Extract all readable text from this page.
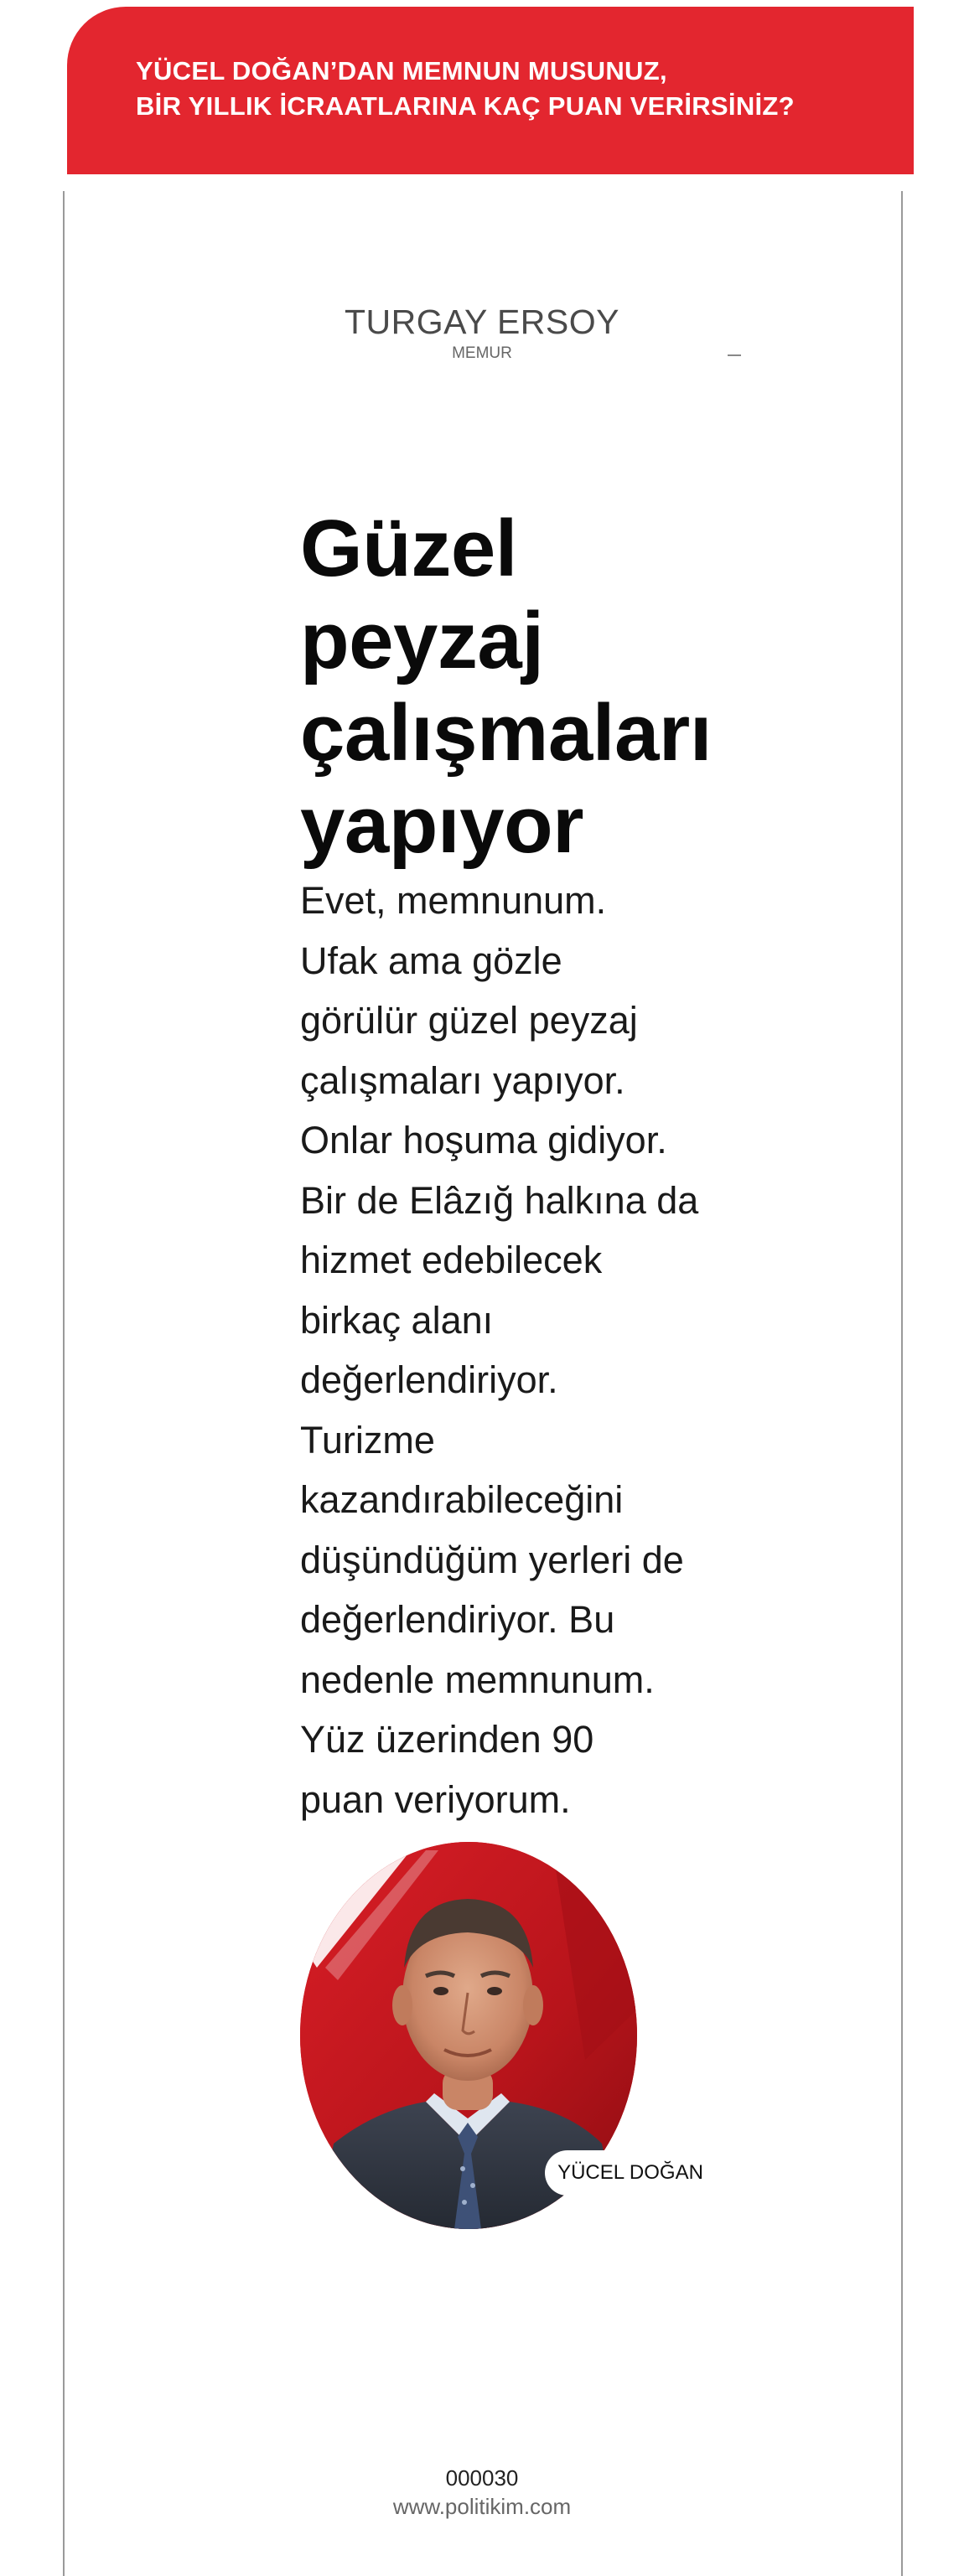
YÜCEL DOĞAN’DAN MEMNUN MUSUNUZ,
BİR YILLIK İCRAATLARINA KAÇ PUAN VERİRSİNİZ?
TURGAY ERSOY
MEMUR
Güzel peyzaj çalışmaları yapıyor
Evet, memnunum.
Ufak ama gözle
görülür güzel peyzaj
çalışmaları yapıyor.
Onlar hoşuma gidiyor.
Bir de Elâzığ halkına da
hizmet edebilecek
birkaç alanı
değerlendiriyor.
Turizme
kazandırabileceğini
düşündüğüm yerleri de
değerlendiriyor. Bu
nedenle memnunum.
Yüz üzerinden 90
puan veriyorum.
YÜCEL DOĞAN
000030
www.politikim.com
